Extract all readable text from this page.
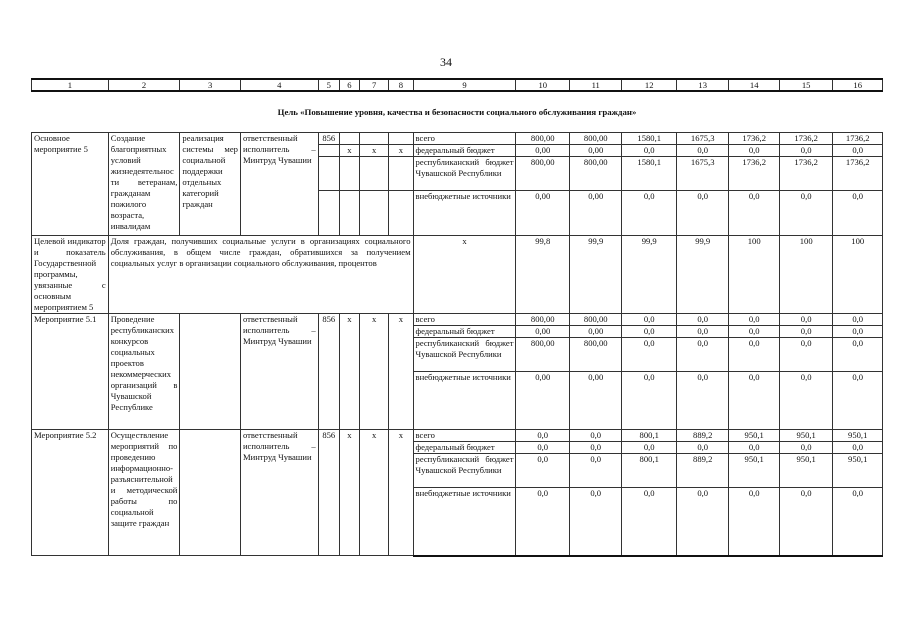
34
1	2	3	4	5	6	7	8	9	10	11	12	13	14	15	16
Цель «Повышение уровня, качества и безопасности социального обслуживания граждан»															
Основное мероприятие 5	Создание благоприятных условий жизнедеятельности ветеранам, гражданам пожилого возраста, инвалидам	реализация системы мер социальной поддержки отдельных категорий граждан	ответственный исполнитель – Минтруд Чувашии	856				всего	800,00	800,00	1580,1	1675,3	1736,2	1736,2	1736,2
					х	х	х	федеральный бюджет	0,00	0,00	0,0	0,0	0,0	0,0	0,0
								республиканский бюджет Чувашской Республики	800,00	800,00	1580,1	1675,3	1736,2	1736,2	1736,2
								внебюджетные источники	0,00	0,00	0,0	0,0	0,0	0,0	0,0
Целевой индикатор и показатель Государственной программы, увязанные с основным мероприятием 5	Доля граждан, получивших социальные услуги в организациях социального обслуживания, в общем числе граждан, обратившихся за получением социальных услуг в организации социального обслуживания, процентов							х	99,8	99,9	99,9	99,9	100	100	100
Мероприятие 5.1	Проведение республиканских конкурсов социальных проектов некоммерческих организаций в Чувашской Республике		ответственный исполнитель – Минтруд Чувашии	856	х	х	х	всего	800,00	800,00	0,0	0,0	0,0	0,0	0,0
								федеральный бюджет	0,00	0,00	0,0	0,0	0,0	0,0	0,0
								республиканский бюджет Чувашской Республики	800,00	800,00	0,0	0,0	0,0	0,0	0,0
								внебюджетные источники	0,00	0,00	0,0	0,0	0,0	0,0	0,0
Мероприятие 5.2	Осуществление мероприятий по проведению информационно-разъяснительной и методической работы по социальной защите граждан		ответственный исполнитель – Минтруд Чувашии	856	х	х	х	всего	0,0	0,0	800,1	889,2	950,1	950,1	950,1
								федеральный бюджет	0,0	0,0	0,0	0,0	0,0	0,0	0,0
								республиканский бюджет Чувашской Республики	0,0	0,0	800,1	889,2	950,1	950,1	950,1
								внебюджетные источники	0,0	0,0	0,0	0,0	0,0	0,0	0,0
